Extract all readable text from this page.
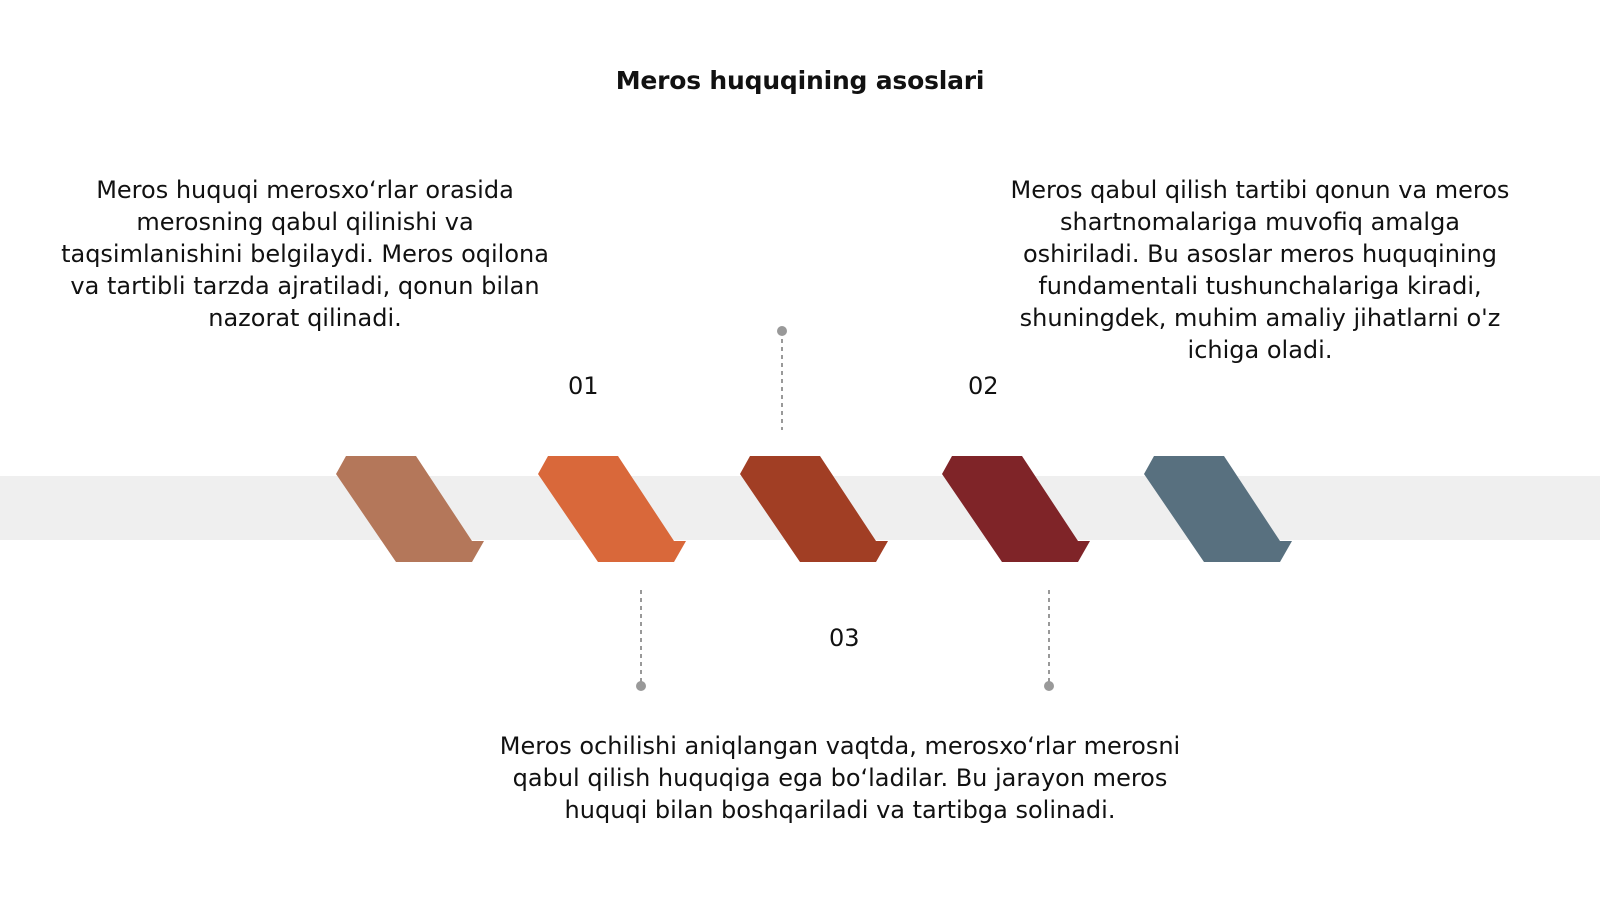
Meros huquqining asoslari

Meros huquqi merosxo‘rlar orasida merosning qabul qilinishi va taqsimlanishini belgilaydi. Meros oqilona va tartibli tarzda ajratiladi, qonun bilan nazorat qilinadi.

Meros qabul qilish tartibi qonun va meros shartnomalariga muvofiq amalga oshiriladi. Bu asoslar meros huquqining fundamentali tushunchalariga kiradi, shuningdek, muhim amaliy jihatlarni o'z ichiga oladi.

Meros ochilishi aniqlangan vaqtda, merosxo‘rlar merosni qabul qilish huquqiga ega bo‘ladilar. Bu jarayon meros huquqi bilan boshqariladi va tartibga solinadi.

01	02
03
